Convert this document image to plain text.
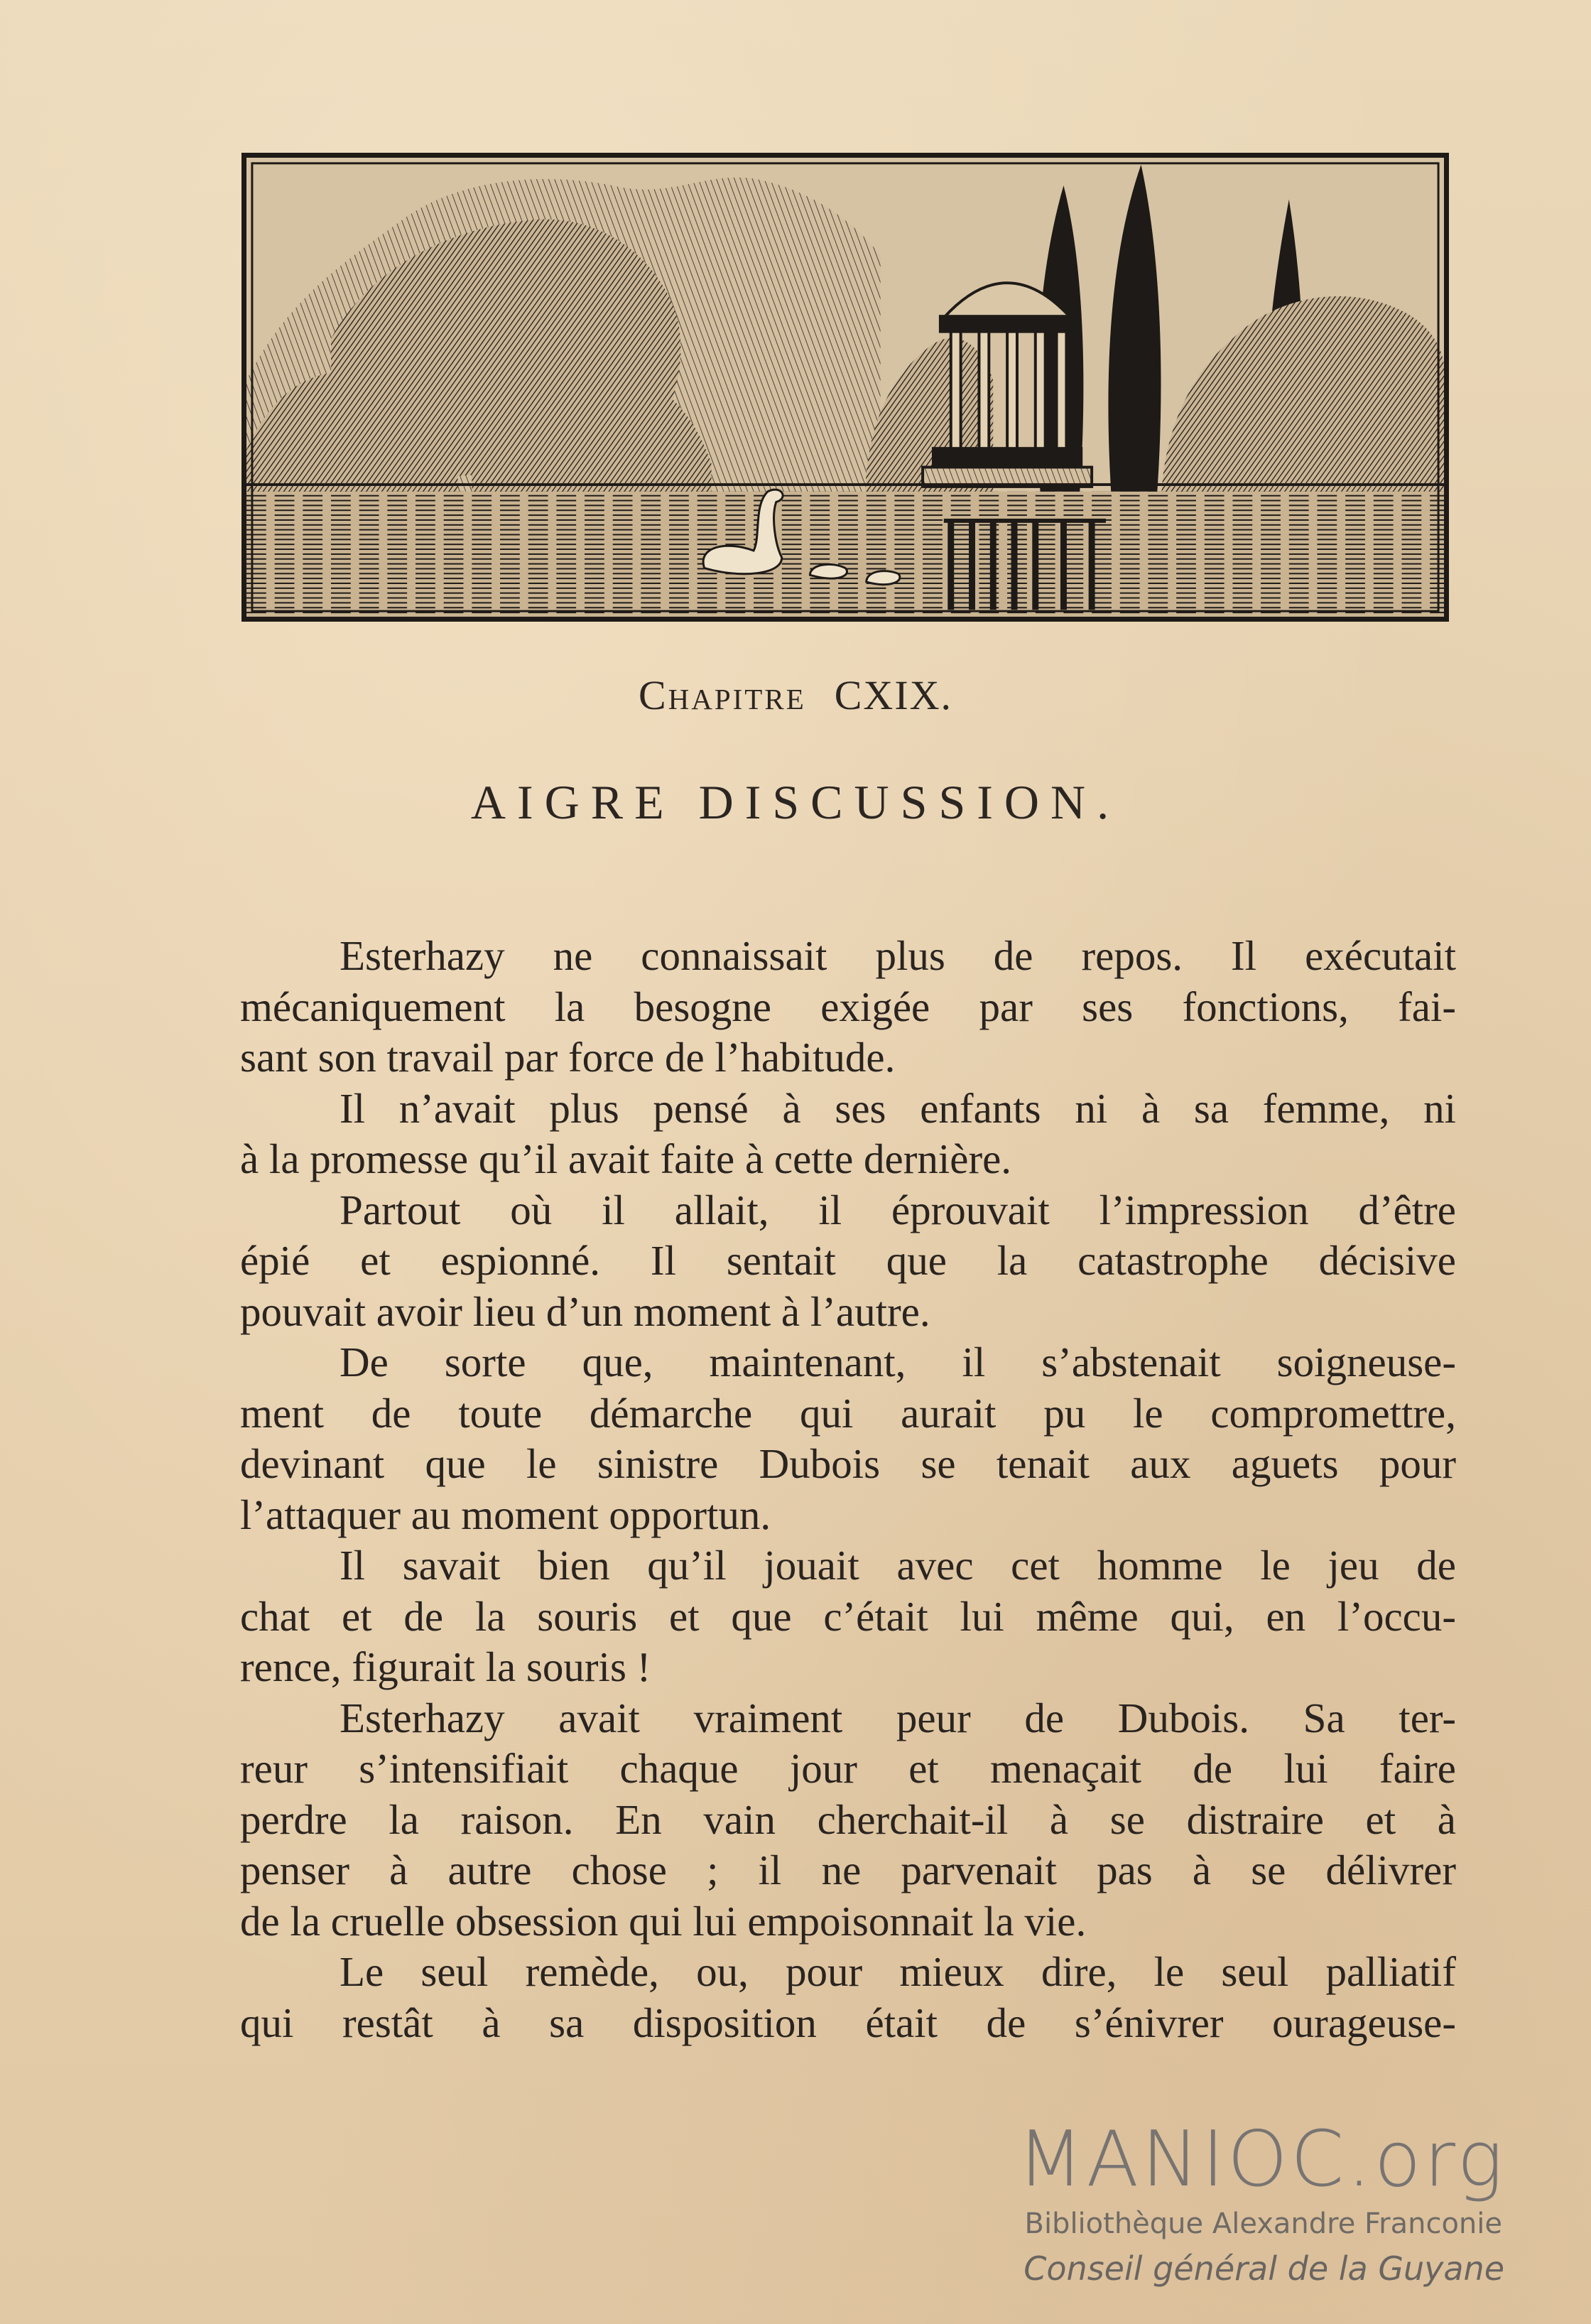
Chapitre CXIX.
AIGRE DISCUSSION.
Esterhazy ne connaissait plus de repos. Il exécutait
mécaniquement la besogne exigée par ses fonctions, fai-
sant son travail par force de l’habitude.
Il n’avait plus pensé à ses enfants ni à sa femme, ni
à la promesse qu’il avait faite à cette dernière.
Partout où il allait, il éprouvait l’impression d’être
épié et espionné. Il sentait que la catastrophe décisive
pouvait avoir lieu d’un moment à l’autre.
De sorte que, maintenant, il s’abstenait soigneuse-
ment de toute démarche qui aurait pu le compromettre,
devinant que le sinistre Dubois se tenait aux aguets pour
l’attaquer au moment opportun.
Il savait bien qu’il jouait avec cet homme le jeu de
chat et de la souris et que c’était lui même qui, en l’occu-
rence, figurait la souris !
Esterhazy avait vraiment peur de Dubois. Sa ter-
reur s’intensifiait chaque jour et menaçait de lui faire
perdre la raison. En vain cherchait-il à se distraire et à
penser à autre chose ; il ne parvenait pas à se délivrer
de la cruelle obsession qui lui empoisonnait la vie.
Le seul remède, ou, pour mieux dire, le seul palliatif
qui restât à sa disposition était de s’énivrer ourageuse-
MANIOC.org
Bibliothèque Alexandre Franconie
Conseil général de la Guyane
